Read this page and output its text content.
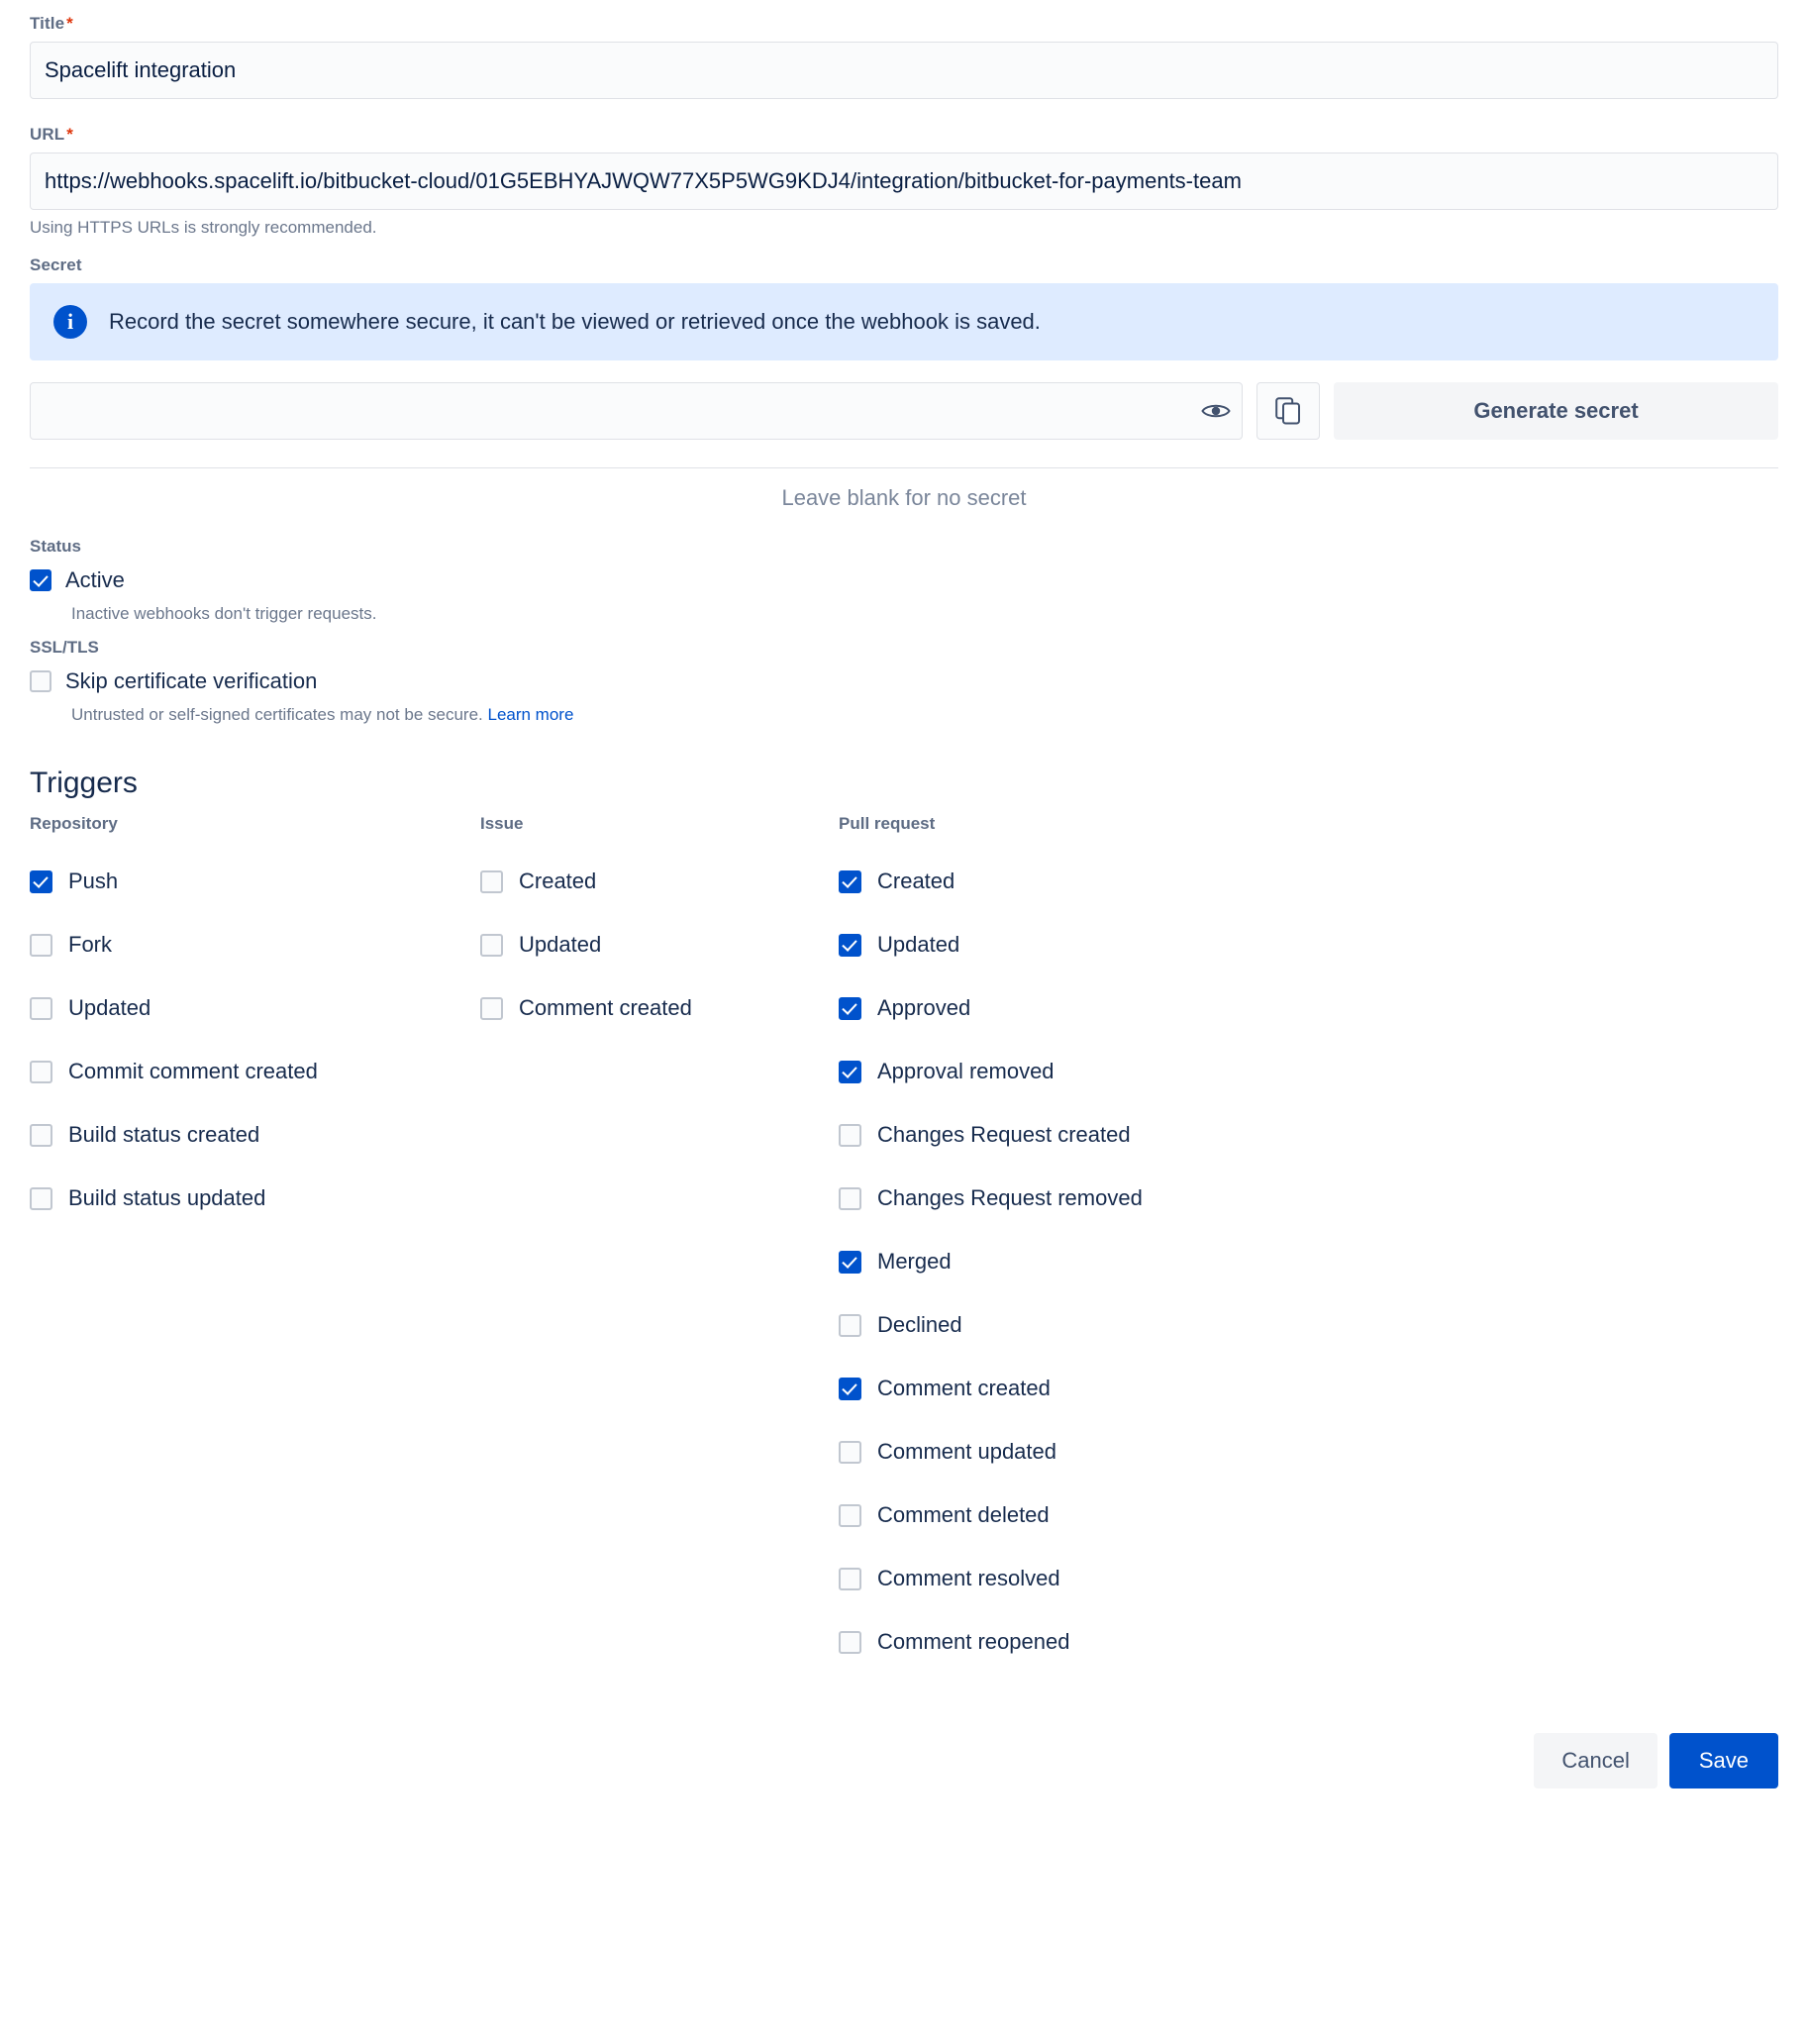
Title *
Spacelift integration
URL *
https://webhooks.spacelift.io/bitbucket-cloud/01G5EBHYAJWQW77X5P5WG9KDJ4/integration/bitbucket-for-payments-team

Using HTTPS URLs is strongly recommended.

Secret
i	Record the secret somewhere secure, it can't be viewed or retrieved once the webhook is saved.
Generate secret
Leave blank for no secret
Status
Active
Inactive webhooks don't trigger requests.
SSL/TLS
Skip certificate verification
Untrusted or self-signed certificates may not be secure. Learn more
Triggers
Repository
Push
Fork
Updated
Commit comment created
Build status created
Build status updated
Issue
Created
Updated
Comment created
Pull request
Created
Updated
Approved
Approval removed
Changes Request created
Changes Request removed
Merged
Declined
Comment created
Comment updated
Comment deleted
Comment resolved
Comment reopened
Cancel	Save
